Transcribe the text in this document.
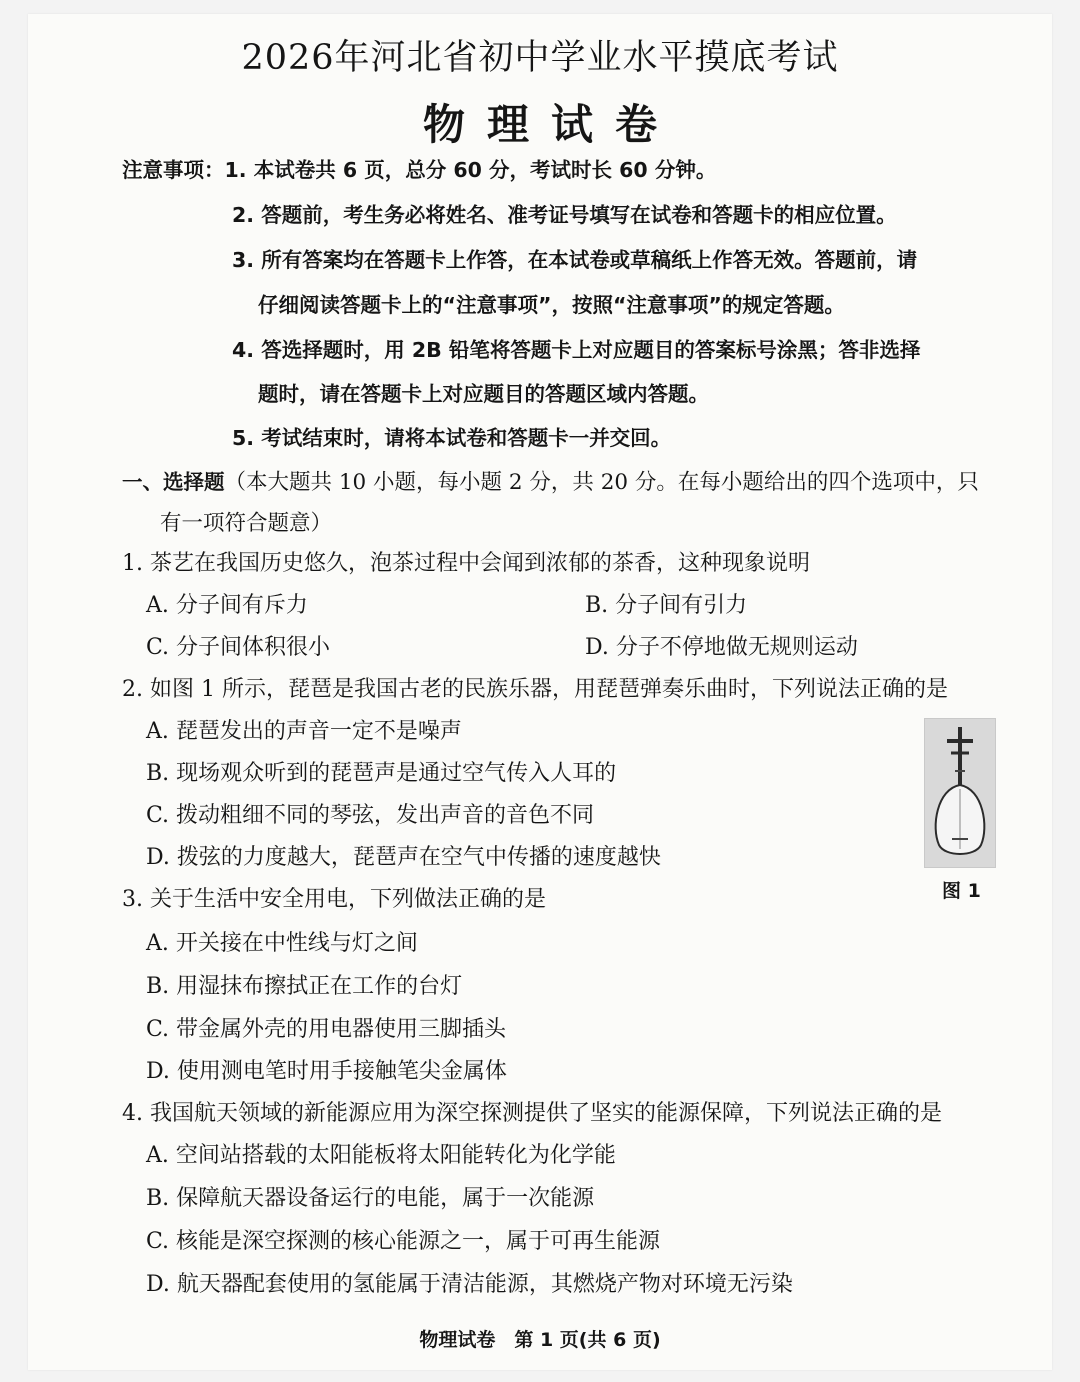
2026年河北省初中学业水平摸底考试
物理试卷
注意事项：1. 本试卷共 6 页，总分 60 分，考试时长 60 分钟。
2. 答题前，考生务必将姓名、准考证号填写在试卷和答题卡的相应位置。
3. 所有答案均在答题卡上作答，在本试卷或草稿纸上作答无效。答题前，请
仔细阅读答题卡上的“注意事项”，按照“注意事项”的规定答题。
4. 答选择题时，用 2B 铅笔将答题卡上对应题目的答案标号涂黑；答非选择
题时，请在答题卡上对应题目的答题区域内答题。
5. 考试结束时，请将本试卷和答题卡一并交回。
一、选择题（本大题共 10 小题，每小题 2 分，共 20 分。在每小题给出的四个选项中，只
有一项符合题意）
1. 茶艺在我国历史悠久，泡茶过程中会闻到浓郁的茶香，这种现象说明
A. 分子间有斥力	B. 分子间有引力
C. 分子间体积很小	D. 分子不停地做无规则运动
2. 如图 1 所示，琵琶是我国古老的民族乐器，用琵琶弹奏乐曲时，下列说法正确的是
A. 琵琶发出的声音一定不是噪声
B. 现场观众听到的琵琶声是通过空气传入人耳的
C. 拨动粗细不同的琴弦，发出声音的音色不同
D. 拨弦的力度越大，琵琶声在空气中传播的速度越快
图 1
3. 关于生活中安全用电，下列做法正确的是
A. 开关接在中性线与灯之间
B. 用湿抹布擦拭正在工作的台灯
C. 带金属外壳的用电器使用三脚插头
D. 使用测电笔时用手接触笔尖金属体
4. 我国航天领域的新能源应用为深空探测提供了坚实的能源保障，下列说法正确的是
A. 空间站搭载的太阳能板将太阳能转化为化学能
B. 保障航天器设备运行的电能，属于一次能源
C. 核能是深空探测的核心能源之一，属于可再生能源
D. 航天器配套使用的氢能属于清洁能源，其燃烧产物对环境无污染
物理试卷　第 1 页(共 6 页)
